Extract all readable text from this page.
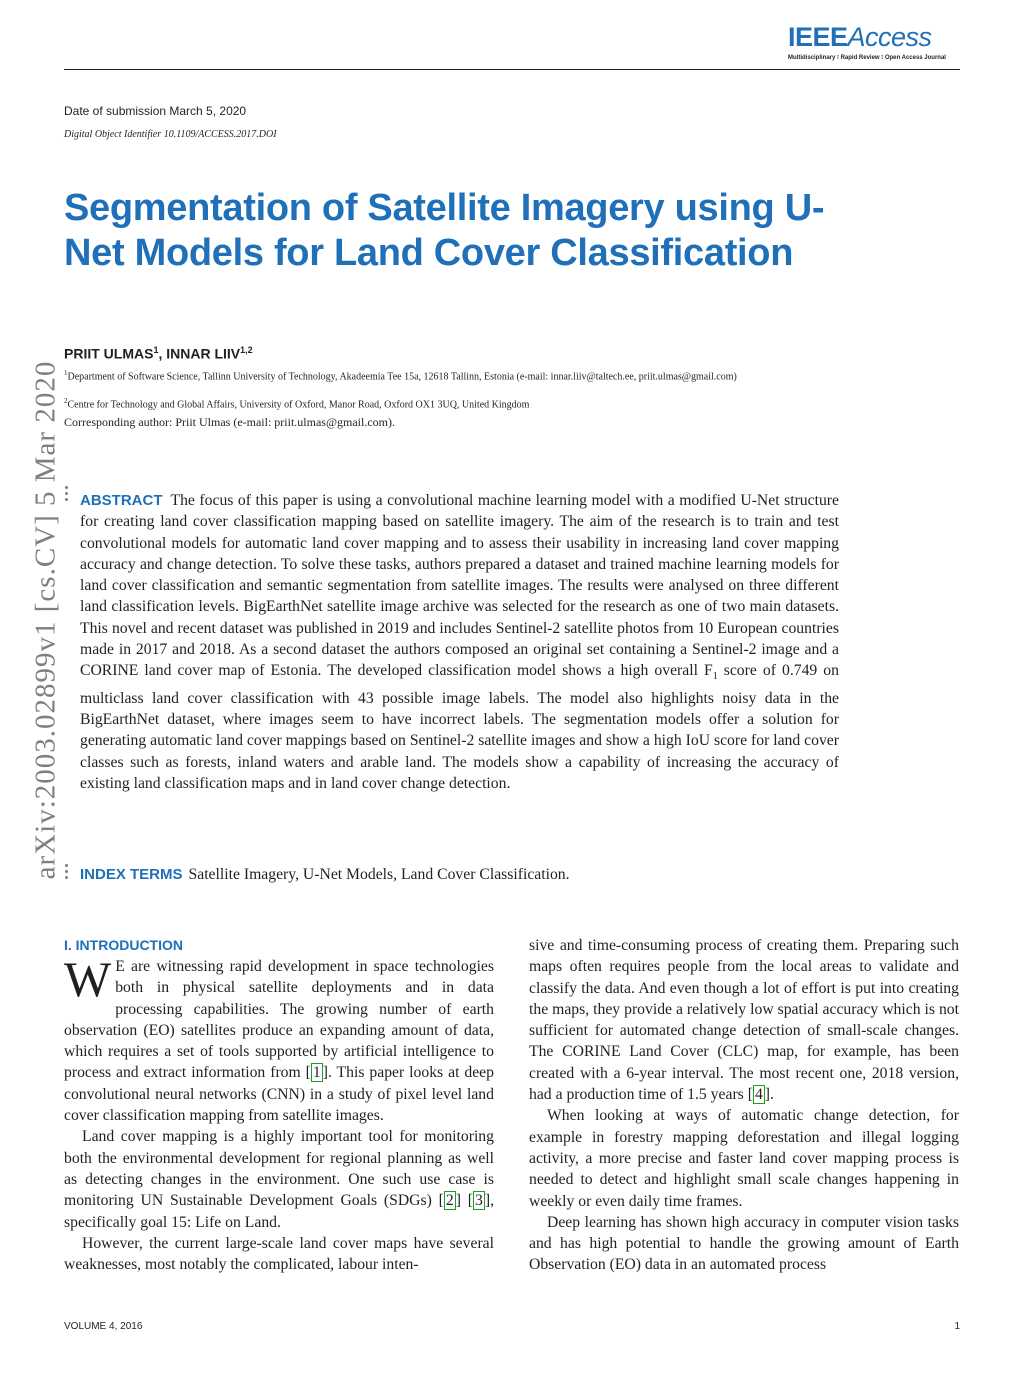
IEEEAccess
Multidisciplinary ⁝ Rapid Review ⁝ Open Access Journal
Date of submission March 5, 2020
Digital Object Identifier 10.1109/ACCESS.2017.DOI
Segmentation of Satellite Imagery using U-Net Models for Land Cover Classification
PRIIT ULMAS$^1$, INNAR LIIV$^{1,2}$
$^1$Department of Software Science, Tallinn University of Technology, Akadeemia Tee 15a, 12618 Tallinn, Estonia (e-mail: innar.liiv@taltech.ee, priit.ulmas@gmail.com)
$^2$Centre for Technology and Global Affairs, University of Oxford, Manor Road, Oxford OX1 3UQ, United Kingdom
Corresponding author: Priit Ulmas (e-mail: priit.ulmas@gmail.com).
arXiv:2003.02899v1 [cs.CV] 5 Mar 2020 ABSTRACT The focus of this paper is using a convolutional machine learning model with a modified U-Net structure for creating land cover classification mapping based on satellite imagery. The aim of the research is to train and test convolutional models for automatic land cover mapping and to assess their usability in increasing land cover mapping accuracy and change detection. To solve these tasks, authors prepared a dataset and trained machine learning models for land cover classification and semantic segmentation from satellite images. The results were analysed on three different land classification levels. BigEarthNet satellite image archive was selected for the research as one of two main datasets. This novel and recent dataset was published in 2019 and includes Sentinel-2 satellite photos from 10 European countries made in 2017 and 2018. As a second dataset the authors composed an original set containing a Sentinel-2 image and a CORINE land cover map of Estonia. The developed classification model shows a high overall $F_1$ score of 0.749 on multiclass land cover classification with 43 possible image labels. The model also highlights noisy data in the BigEarthNet dataset, where images seem to have incorrect labels. The segmentation models offer a solution for generating automatic land cover mappings based on Sentinel-2 satellite images and show a high IoU score for land cover classes such as forests, inland waters and arable land. The models show a capability of increasing the accuracy of existing land classification maps and in land cover change detection.
INDEX TERMS Satellite Imagery, U-Net Models, Land Cover Classification.
I. INTRODUCTION

W E are witnessing rapid development in space technologies both in physical satellite deployments and in data processing capabilities. The growing number of earth observation (EO) satellites produce an expanding amount of data, which requires a set of tools supported by artificial intelligence to process and extract information from [ 1 ]. This paper looks at deep convolutional neural networks (CNN) in a study of pixel level land cover classification mapping from satellite images.

Land cover mapping is a highly important tool for monitoring both the environmental development for regional planning as well as detecting changes in the environment. One such use case is monitoring UN Sustainable Development Goals (SDGs) [ 2 ] [ 3 ], specifically goal 15: Life on Land.

However, the current large-scale land cover maps have several weaknesses, most notably the complicated, labour inten-

sive and time-consuming process of creating them. Preparing such maps often requires people from the local areas to validate and classify the data. And even though a lot of effort is put into creating the maps, they provide a relatively low spatial accuracy which is not sufficient for automated change detection of small-scale changes. The CORINE Land Cover (CLC) map, for example, has been created with a 6-year interval. The most recent one, 2018 version, had a production time of 1.5 years [ 4 ].

When looking at ways of automatic change detection, for example in forestry mapping deforestation and illegal logging activity, a more precise and faster land cover mapping process is needed to detect and highlight small scale changes happening in weekly or even daily time frames.

Deep learning has shown high accuracy in computer vision tasks and has high potential to handle the growing amount of Earth Observation (EO) data in an automated process

VOLUME 4, 2016	1
